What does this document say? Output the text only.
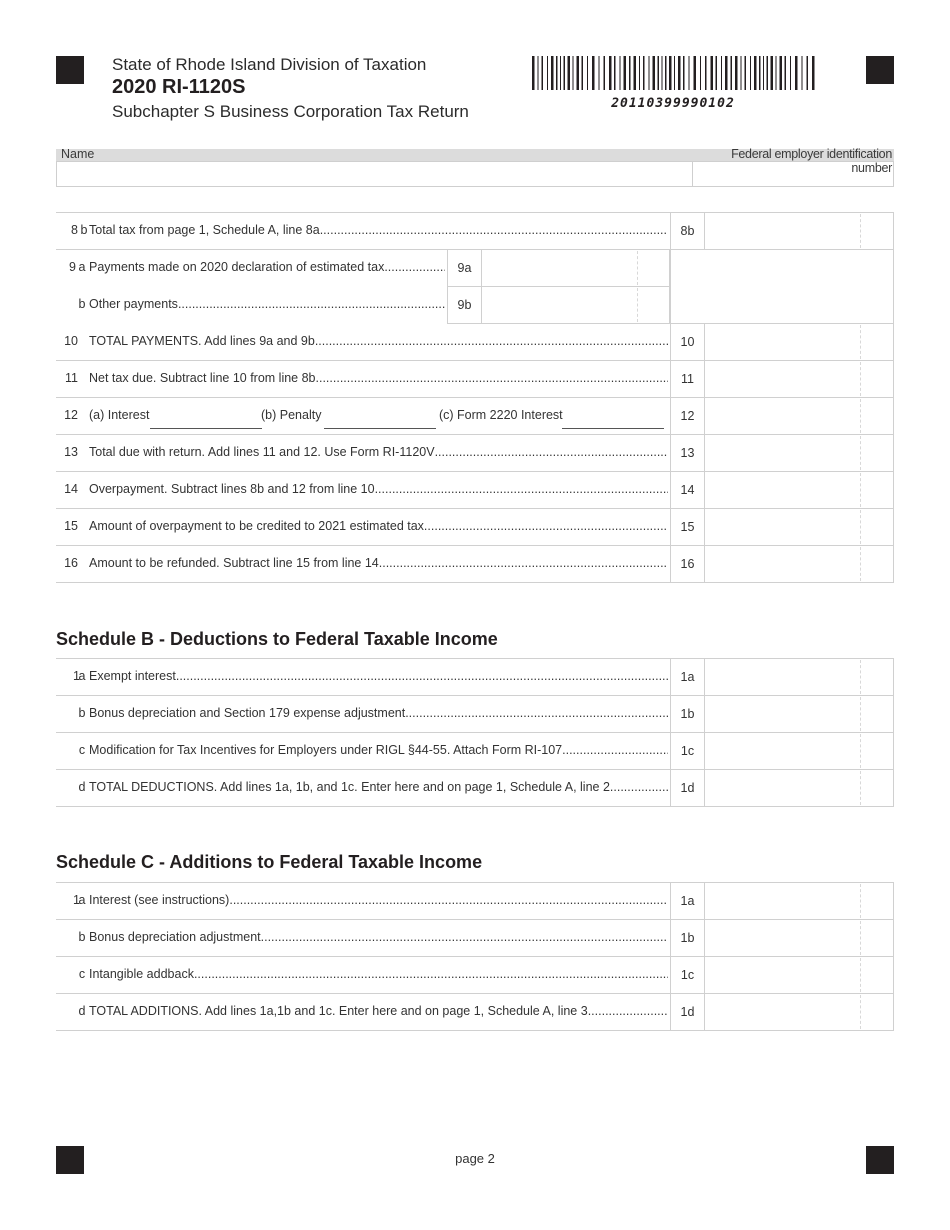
State of Rhode Island Division of Taxation
2020 RI-1120S
Subchapter S Business Corporation Tax Return	20110399990102
Name	Federal employer identification number
Schedule B - Deductions to Federal Taxable Income
Schedule C - Additions to Federal Taxable Income
page 2
8 b Total tax from page 1, Schedule A, line 8a .....	8b
9 a Payments made on 2020 declaration of estimated tax .....	9a
b Other payments .....	9b
10 TOTAL PAYMENTS. Add lines 9a and 9b .....	10
11 Net tax due. Subtract line 10 from line 8b .....	11
12 (a) Interest	(b) Penalty	(c) Form 2220 Interest	12
13 Total due with return. Add lines 11 and 12. Use Form RI-1120V .....	13
14 Overpayment. Subtract lines 8b and 12 from line 10 .....	14
15 Amount of overpayment to be credited to 2021 estimated tax .....	15
16 Amount to be refunded. Subtract line 15 from line 14 .....	16
1
a Exempt interest .....	1a
b Bonus depreciation and Section 179 expense adjustment .....	1b
c Modification for Tax Incentives for Employers under RIGL §44-55. Attach Form RI-107 .....	1c
d TOTAL DEDUCTIONS. Add lines 1a, 1b, and 1c. Enter here and on page 1, Schedule A, line 2 .....	1d
1
a Interest (see instructions) .....	1a
b Bonus depreciation adjustment .....	1b
c Intangible addback .....	1c
d TOTAL ADDITIONS. Add lines 1a,1b and 1c. Enter here and on page 1, Schedule A, line 3 .....	1d
